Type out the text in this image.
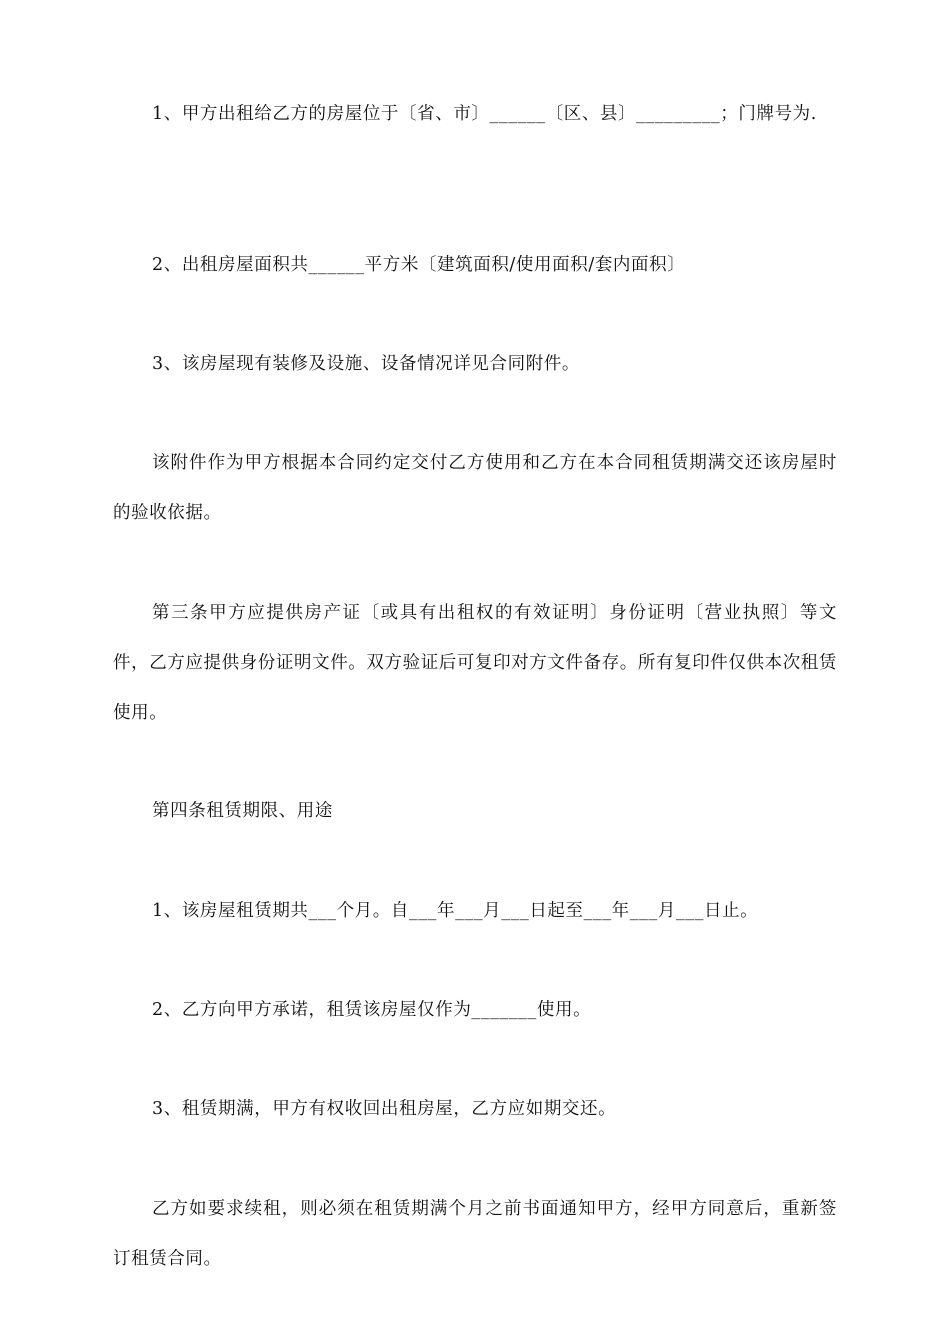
1、甲方出租给乙方的房屋位于〔省、市〕______〔区、县〕_________；门牌号为.

2、出租房屋面积共______平方米〔建筑面积/使用面积/套内面积〕

3、该房屋现有装修及设施、设备情况详见合同附件。

该附件作为甲方根据本合同约定交付乙方使用和乙方在本合同租赁期满交还该房屋时的验收依据。

第三条甲方应提供房产证〔或具有出租权的有效证明〕身份证明〔营业执照〕等文件，乙方应提供身份证明文件。双方验证后可复印对方文件备存。所有复印件仅供本次租赁使用。

第四条租赁期限、用途

1、该房屋租赁期共___个月。自___年___月___日起至___年___月___日止。

2、乙方向甲方承诺，租赁该房屋仅作为_______使用。

3、租赁期满，甲方有权收回出租房屋，乙方应如期交还。

乙方如要求续租，则必须在租赁期满个月之前书面通知甲方，经甲方同意后，重新签订租赁合同。
